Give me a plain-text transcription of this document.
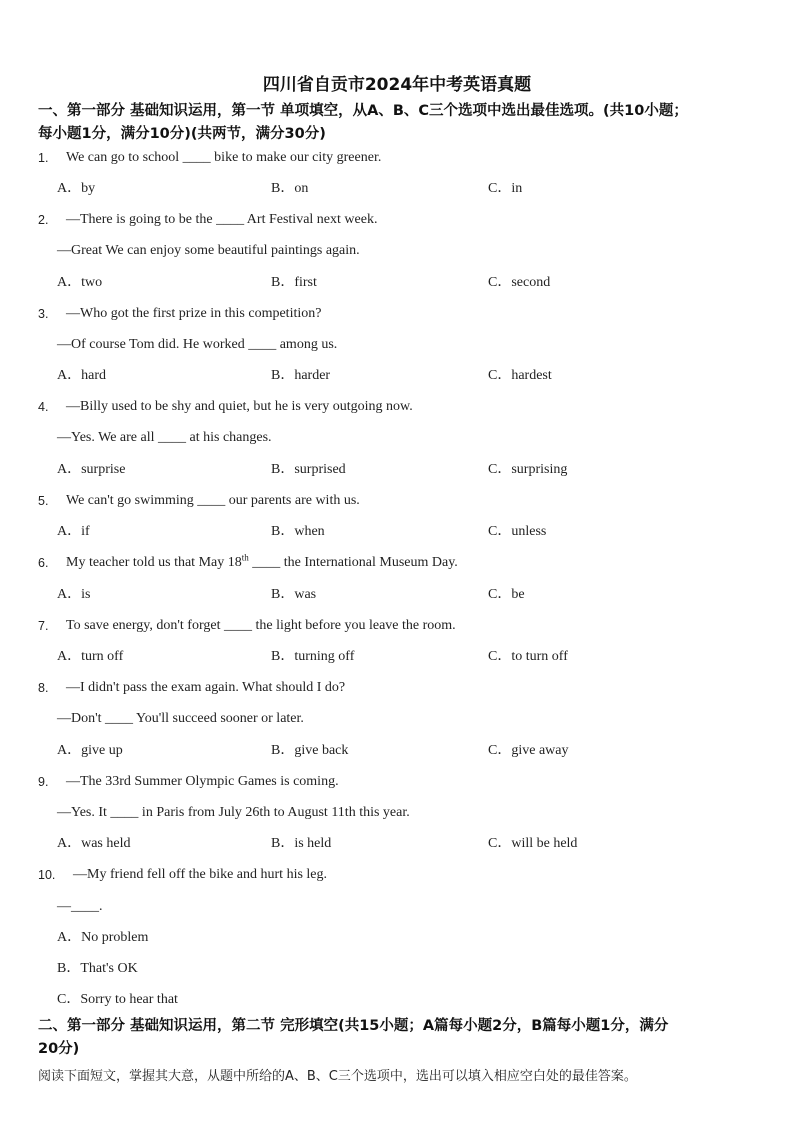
四川省自贡市2024年中考英语真题
一、第一部分 基础知识运用，第一节 单项填空，从A、B、C三个选项中选出最佳选项。(共10小题；
每小题1分，满分10分)(共两节，满分30分)
1. We can go to school ____ bike to make our city greener.
A．by	B．on	C．in
2. —There is going to be the ____ Art Festival next week.
—Great We can enjoy some beautiful paintings again.
A．two	B．first	C．second
3. —Who got the first prize in this competition?
—Of course Tom did. He worked ____ among us.
A．hard	B．harder	C．hardest
4. —Billy used to be shy and quiet, but he is very outgoing now.
—Yes. We are all ____ at his changes.
A．surprise	B．surprised	C．surprising
5. We can't go swimming ____ our parents are with us.
A．if	B．when	C．unless
6. My teacher told us that May 18th ____ the International Museum Day.
A．is	B．was	C．be
7. To save energy, don't forget ____ the light before you leave the room.
A．turn off	B．turning off	C．to turn off
8. —I didn't pass the exam again. What should I do?
—Don't ____ You'll succeed sooner or later.
A．give up	B．give back	C．give away
9. —The 33rd Summer Olympic Games is coming.
—Yes. It ____ in Paris from July 26th to August 11th this year.
A．was held	B．is held	C．will be held
10. —My friend fell off the bike and hurt his leg.
—____.
A．No problem
B．That's OK
C．Sorry to hear that
二、第一部分 基础知识运用，第二节 完形填空(共15小题；A篇每小题2分，B篇每小题1分，满分
20分)
阅读下面短文，掌握其大意，从题中所给的A、B、C三个选项中，选出可以填入相应空白处的最佳答案。
